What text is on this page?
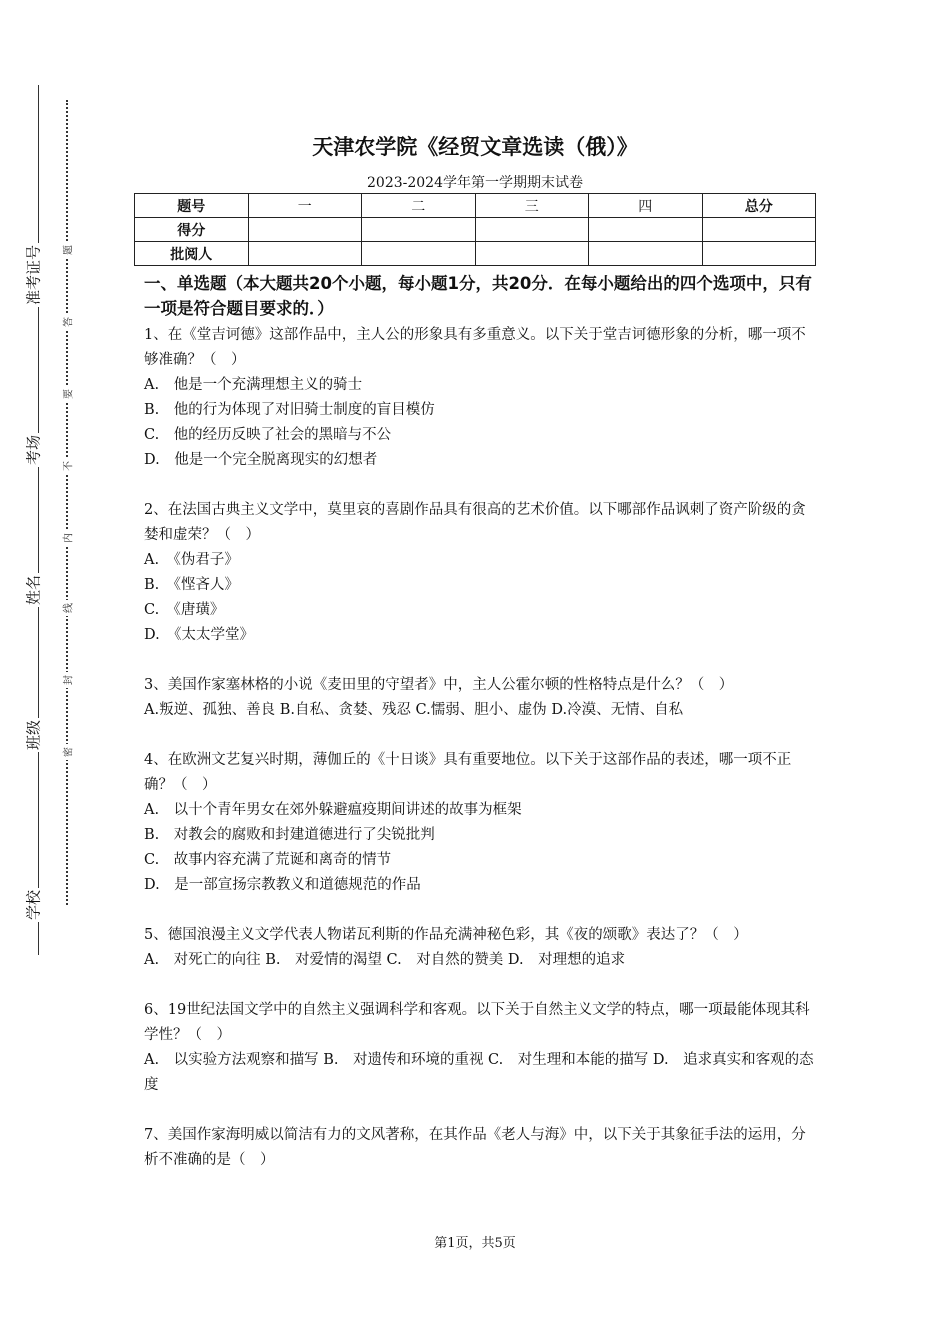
准考证号
考场
姓名
班级
学校
题
答
要
不
内
线
封
密
天津农学院《经贸文章选读（俄）》
2023-2024学年第一学期期末试卷
题号	一	二	三	四	总分
得分					
批阅人					

一、单选题（本大题共20个小题，每小题1分，共20分．在每小题给出的四个选项中，只有一项是符合题目要求的．）

1、在《堂吉诃德》这部作品中，主人公的形象具有多重意义。以下关于堂吉诃德形象的分析，哪一项不够准确？（　）

A.　他是一个充满理想主义的骑士

B.　他的行为体现了对旧骑士制度的盲目模仿

C.　他的经历反映了社会的黑暗与不公

D.　他是一个完全脱离现实的幻想者

2、在法国古典主义文学中，莫里哀的喜剧作品具有很高的艺术价值。以下哪部作品讽刺了资产阶级的贪婪和虚荣？（　）

A.　《伪君子》

B.　《悭吝人》

C.　《唐璜》

D.　《太太学堂》

3、美国作家塞林格的小说《麦田里的守望者》中，主人公霍尔顿的性格特点是什么？（　）

A.叛逆、孤独、善良 B.自私、贪婪、残忍 C.懦弱、胆小、虚伪 D.冷漠、无情、自私

4、在欧洲文艺复兴时期，薄伽丘的《十日谈》具有重要地位。以下关于这部作品的表述，哪一项不正确？（　）

A.　以十个青年男女在郊外躲避瘟疫期间讲述的故事为框架

B.　对教会的腐败和封建道德进行了尖锐批判

C.　故事内容充满了荒诞和离奇的情节

D.　是一部宣扬宗教教义和道德规范的作品

5、德国浪漫主义文学代表人物诺瓦利斯的作品充满神秘色彩，其《夜的颂歌》表达了？（　）

A.　对死亡的向往 B.　对爱情的渴望 C.　对自然的赞美 D.　对理想的追求

6、19世纪法国文学中的自然主义强调科学和客观。以下关于自然主义文学的特点，哪一项最能体现其科学性？（　）

A.　以实验方法观察和描写 B.　对遗传和环境的重视 C.　对生理和本能的描写 D.　追求真实和客观的态度

7、美国作家海明威以简洁有力的文风著称，在其作品《老人与海》中，以下关于其象征手法的运用，分析不准确的是（　）

第1页，共5页
